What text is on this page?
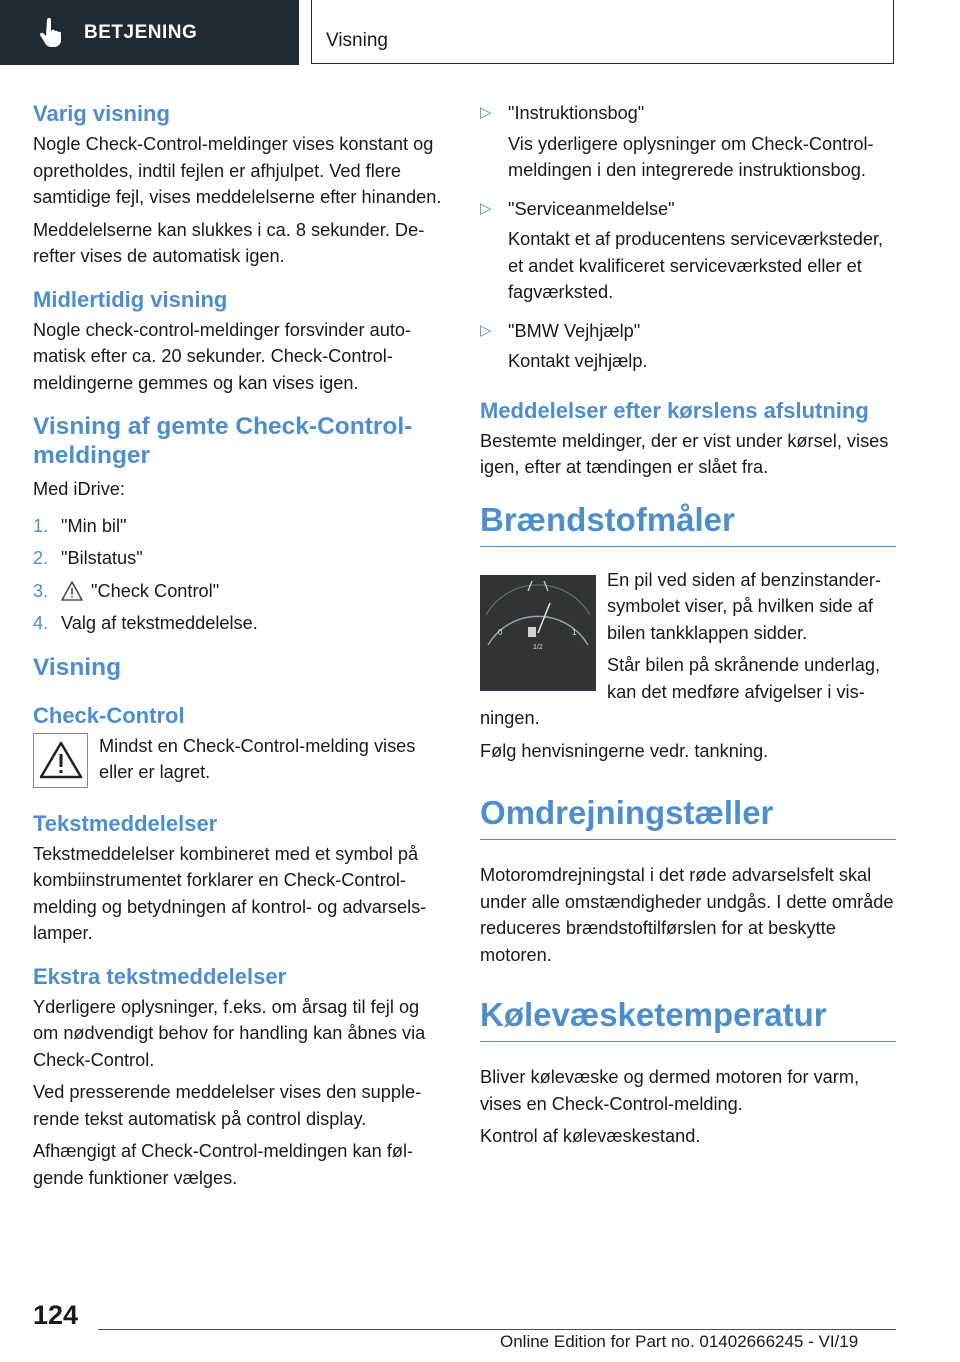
BETJENING	Visning
Varig visning

Nogle Check-Control-meldinger vises konstant og opretholdes, indtil fejlen er afhjulpet. Ved flere samtidige fejl, vises meddelelserne efter hinanden.

Meddelelserne kan slukkes i ca. 8 sekunder. Derefter vises de automatisk igen.

Midlertidig visning

Nogle check-control-meldinger forsvinder automatisk efter ca. 20 sekunder. Check-Control-meldingerne gemmes og kan vises igen.

Visning af gemte Check-Control-meldinger

Med iDrive:

1. "Min bil"
2. "Bilstatus"
3.	"Check Control"
4. Valg af tekstmeddelelse.
Visning
Check-Control

Mindst en Check-Control-melding vises eller er lagret.

Tekstmeddelelser

Tekstmeddelelser kombineret med et symbol på kombiinstrumentet forklarer en Check-Control-melding og betydningen af kontrol- og advarselslamper.

Ekstra tekstmeddelelser

Yderligere oplysninger, f.eks. om årsag til fejl og om nødvendigt behov for handling kan åbnes via Check-Control.

Ved presserende meddelelser vises den supplerende tekst automatisk på control display.

Afhængigt af Check-Control-meldingen kan følgende funktioner vælges.

▷ "Instruktionsbog"

Vis yderligere oplysninger om Check-Control-meldingen i den integrerede instruktionsbog.

▷ "Serviceanmeldelse"

Kontakt et af producentens serviceværksteder, et andet kvalificeret serviceværksted eller et fagværksted.

▷ "BMW Vejhjælp"

Kontakt vejhjælp.

Meddelelser efter kørslens afslutning

Bestemte meldinger, der er vist under kørsel, vises igen, efter at tændingen er slået fra.

Brændstofmåler
0
1/2
1

En pil ved siden af benzinstander-symbolet viser, på hvilken side af bilen tankklappen sidder.

Står bilen på skrånende underlag, kan det medføre afvigelser i visningen.

Følg henvisningerne vedr. tankning.

Omdrejningstæller

Motoromdrejningstal i det røde advarselsfelt skal under alle omstændigheder undgås. I dette område reduceres brændstoftilførslen for at beskytte motoren.

Kølevæsketemperatur

Bliver kølevæske og dermed motoren for varm, vises en Check-Control-melding.

Kontrol af kølevæskestand.

124
Online Edition for Part no. 01402666245 - VI/19
